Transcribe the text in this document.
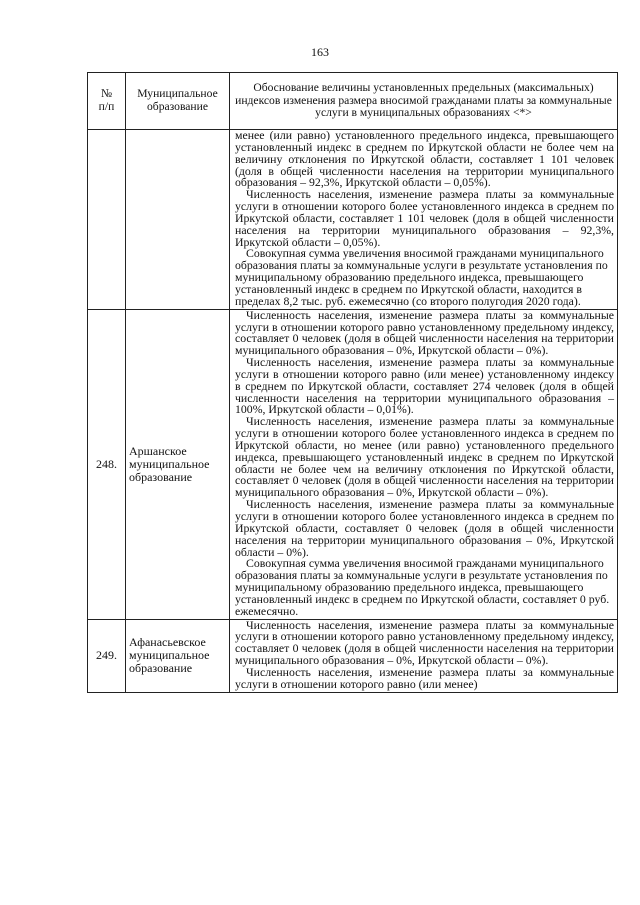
163
№
п/п	Муниципальное образование	Обоснование величины установленных предельных (максимальных) индексов изменения размера вносимой гражданами платы за коммунальные услуги в муниципальных образованиях <*>

		менее (или равно) установленного предельного индекса, превышающего установленный индекс в среднем по Иркутской области не более чем на величину отклонения по Иркутской области, составляет 1 101 человек (доля в общей численности населения на территории муниципального образования – 92,3%, Иркутской области – 0,05%).

Численность населения, изменение размера платы за коммунальные услуги в отношении которого более установленного индекса в среднем по Иркутской области, составляет 1 101 человек (доля в общей численности населения на территории муниципального образования – 92,3%, Иркутской области – 0,05%).

Совокупная сумма увеличения вносимой гражданами муниципального образования платы за коммунальные услуги в результате установления по муниципальному образованию предельного индекса, превышающего установленный индекс в среднем по Иркутской области, находится в пределах 8,2 тыс. руб. ежемесячно (со второго полугодия 2020 года).

248.	Аршанское муниципальное образование	Численность населения, изменение размера платы за коммунальные услуги в отношении которого равно установленному предельному индексу, составляет 0 человек (доля в общей численности населения на территории муниципального образования – 0%, Иркутской области – 0%).

Численность населения, изменение размера платы за коммунальные услуги в отношении которого равно (или менее) установленному индексу в среднем по Иркутской области, составляет 274 человек (доля в общей численности населения на территории муниципального образования – 100%, Иркутской области – 0,01%).

Численность населения, изменение размера платы за коммунальные услуги в отношении которого более установленного индекса в среднем по Иркутской области, но менее (или равно) установленного предельного индекса, превышающего установленный индекс в среднем по Иркутской области не более чем на величину отклонения по Иркутской области, составляет 0 человек (доля в общей численности населения на территории муниципального образования – 0%, Иркутской области – 0%).

Численность населения, изменение размера платы за коммунальные услуги в отношении которого более установленного индекса в среднем по Иркутской области, составляет 0 человек (доля в общей численности населения на территории муниципального образования – 0%, Иркутской области – 0%).

Совокупная сумма увеличения вносимой гражданами муниципального образования платы за коммунальные услуги в результате установления по муниципальному образованию предельного индекса, превышающего установленный индекс в среднем по Иркутской области, составляет 0 руб. ежемесячно.

249.	Афанасьевское муниципальное образование	Численность населения, изменение размера платы за коммунальные услуги в отношении которого равно установленному предельному индексу, составляет 0 человек (доля в общей численности населения на территории муниципального образования – 0%, Иркутской области – 0%).

Численность населения, изменение размера платы за коммунальные услуги в отношении которого равно (или менее)
